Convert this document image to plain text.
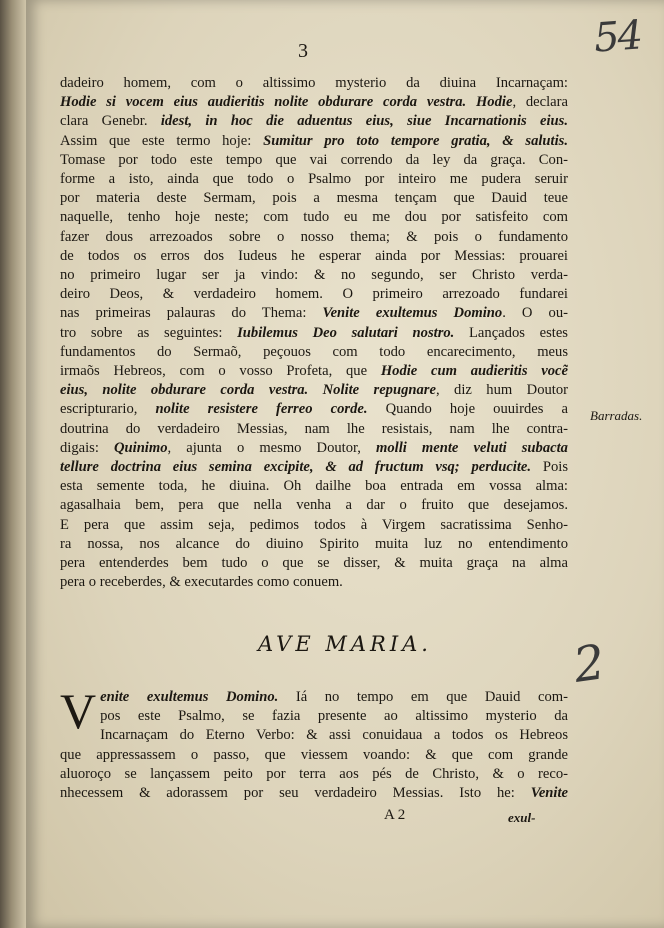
3	54
dadeiro homem, com o altissimo mysterio da diuina Incarnaçam:
Hodie si vocem eius audieritis nolite obdurare corda vestra. Hodie, declara
clara Genebr. idest, in hoc die aduentus eius, siue Incarnationis eius.
Assim que este termo hoje: Sumitur pro toto tempore gratia, & salutis.
Tomase por todo este tempo que vai correndo da ley da graça. Con-
forme a isto, ainda que todo o Psalmo por inteiro me pudera seruir
por materia deste Sermam, pois a mesma tençam que Dauid teue
naquelle, tenho hoje neste; com tudo eu me dou por satisfeito com
fazer dous arrezoados sobre o nosso thema; & pois o fundamento
de todos os erros dos Iudeus he esperar ainda por Messias: prouarei
no primeiro lugar ser ja vindo: & no segundo, ser Christo verda-
deiro Deos, & verdadeiro homem. O primeiro arrezoado fundarei
nas primeiras palauras do Thema: Venite exultemus Domino. O ou-
tro sobre as seguintes: Iubilemus Deo salutari nostro. Lançados estes
fundamentos do Sermaõ, peçouos com todo encarecimento, meus
irmaõs Hebreos, com o vosso Profeta, que Hodie cum audieritis vocẽ
eius, nolite obdurare corda vestra. Nolite repugnare, diz hum Doutor
escripturario, nolite resistere ferreo corde. Quando hoje ouuirdes a
doutrina do verdadeiro Messias, nam lhe resistais, nam lhe contra-
digais: Quinimo, ajunta o mesmo Doutor, molli mente veluti subacta
tellure doctrina eius semina excipite, & ad fructum vsq; perducite. Pois
esta semente toda, he diuina. Oh dailhe boa entrada em vossa alma:
agasalhaia bem, pera que nella venha a dar o fruito que desejamos.
E pera que assim seja, pedimos todos à Virgem sacratissima Senho-
ra nossa, nos alcance do diuino Spirito muita luz no entendimento
pera entenderdes bem tudo o que se disser, & muita graça na alma
pera o receberdes, & executardes como conuem.
Barradas.
AVE MARIA.	2
V enite exultemus Domino. Iá no tempo em que Dauid com-
pos este Psalmo, se fazia presente ao altissimo mysterio da
Incarnaçam do Eterno Verbo: & assi conuidaua a todos os Hebreos
que appressassem o passo, que viessem voando: & que com grande
aluoroço se lançassem peito por terra aos pés de Christo, & o reco-
nhecessem & adorassem por seu verdadeiro Messias. Isto he: Venite
A 2	exul-
